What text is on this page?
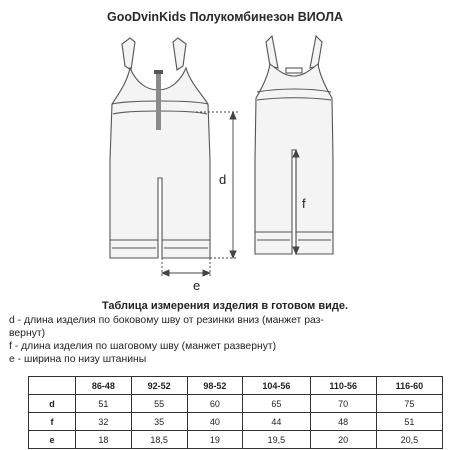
GooDvinKids Полукомбинезон ВИОЛА
d
e
f
Таблица измерения изделия в готовом виде.
d - длина изделия по боковому шву от резинки вниз (манжет раз-
вернут)
f - длина изделия по шаговому шву (манжет развернут)
e - ширина по низу штанины
	86-48	92-52	98-52	104-56	110-56	116-60
d	51	55	60	65	70	75
f	32	35	40	44	48	51
e	18	18,5	19	19,5	20	20,5
